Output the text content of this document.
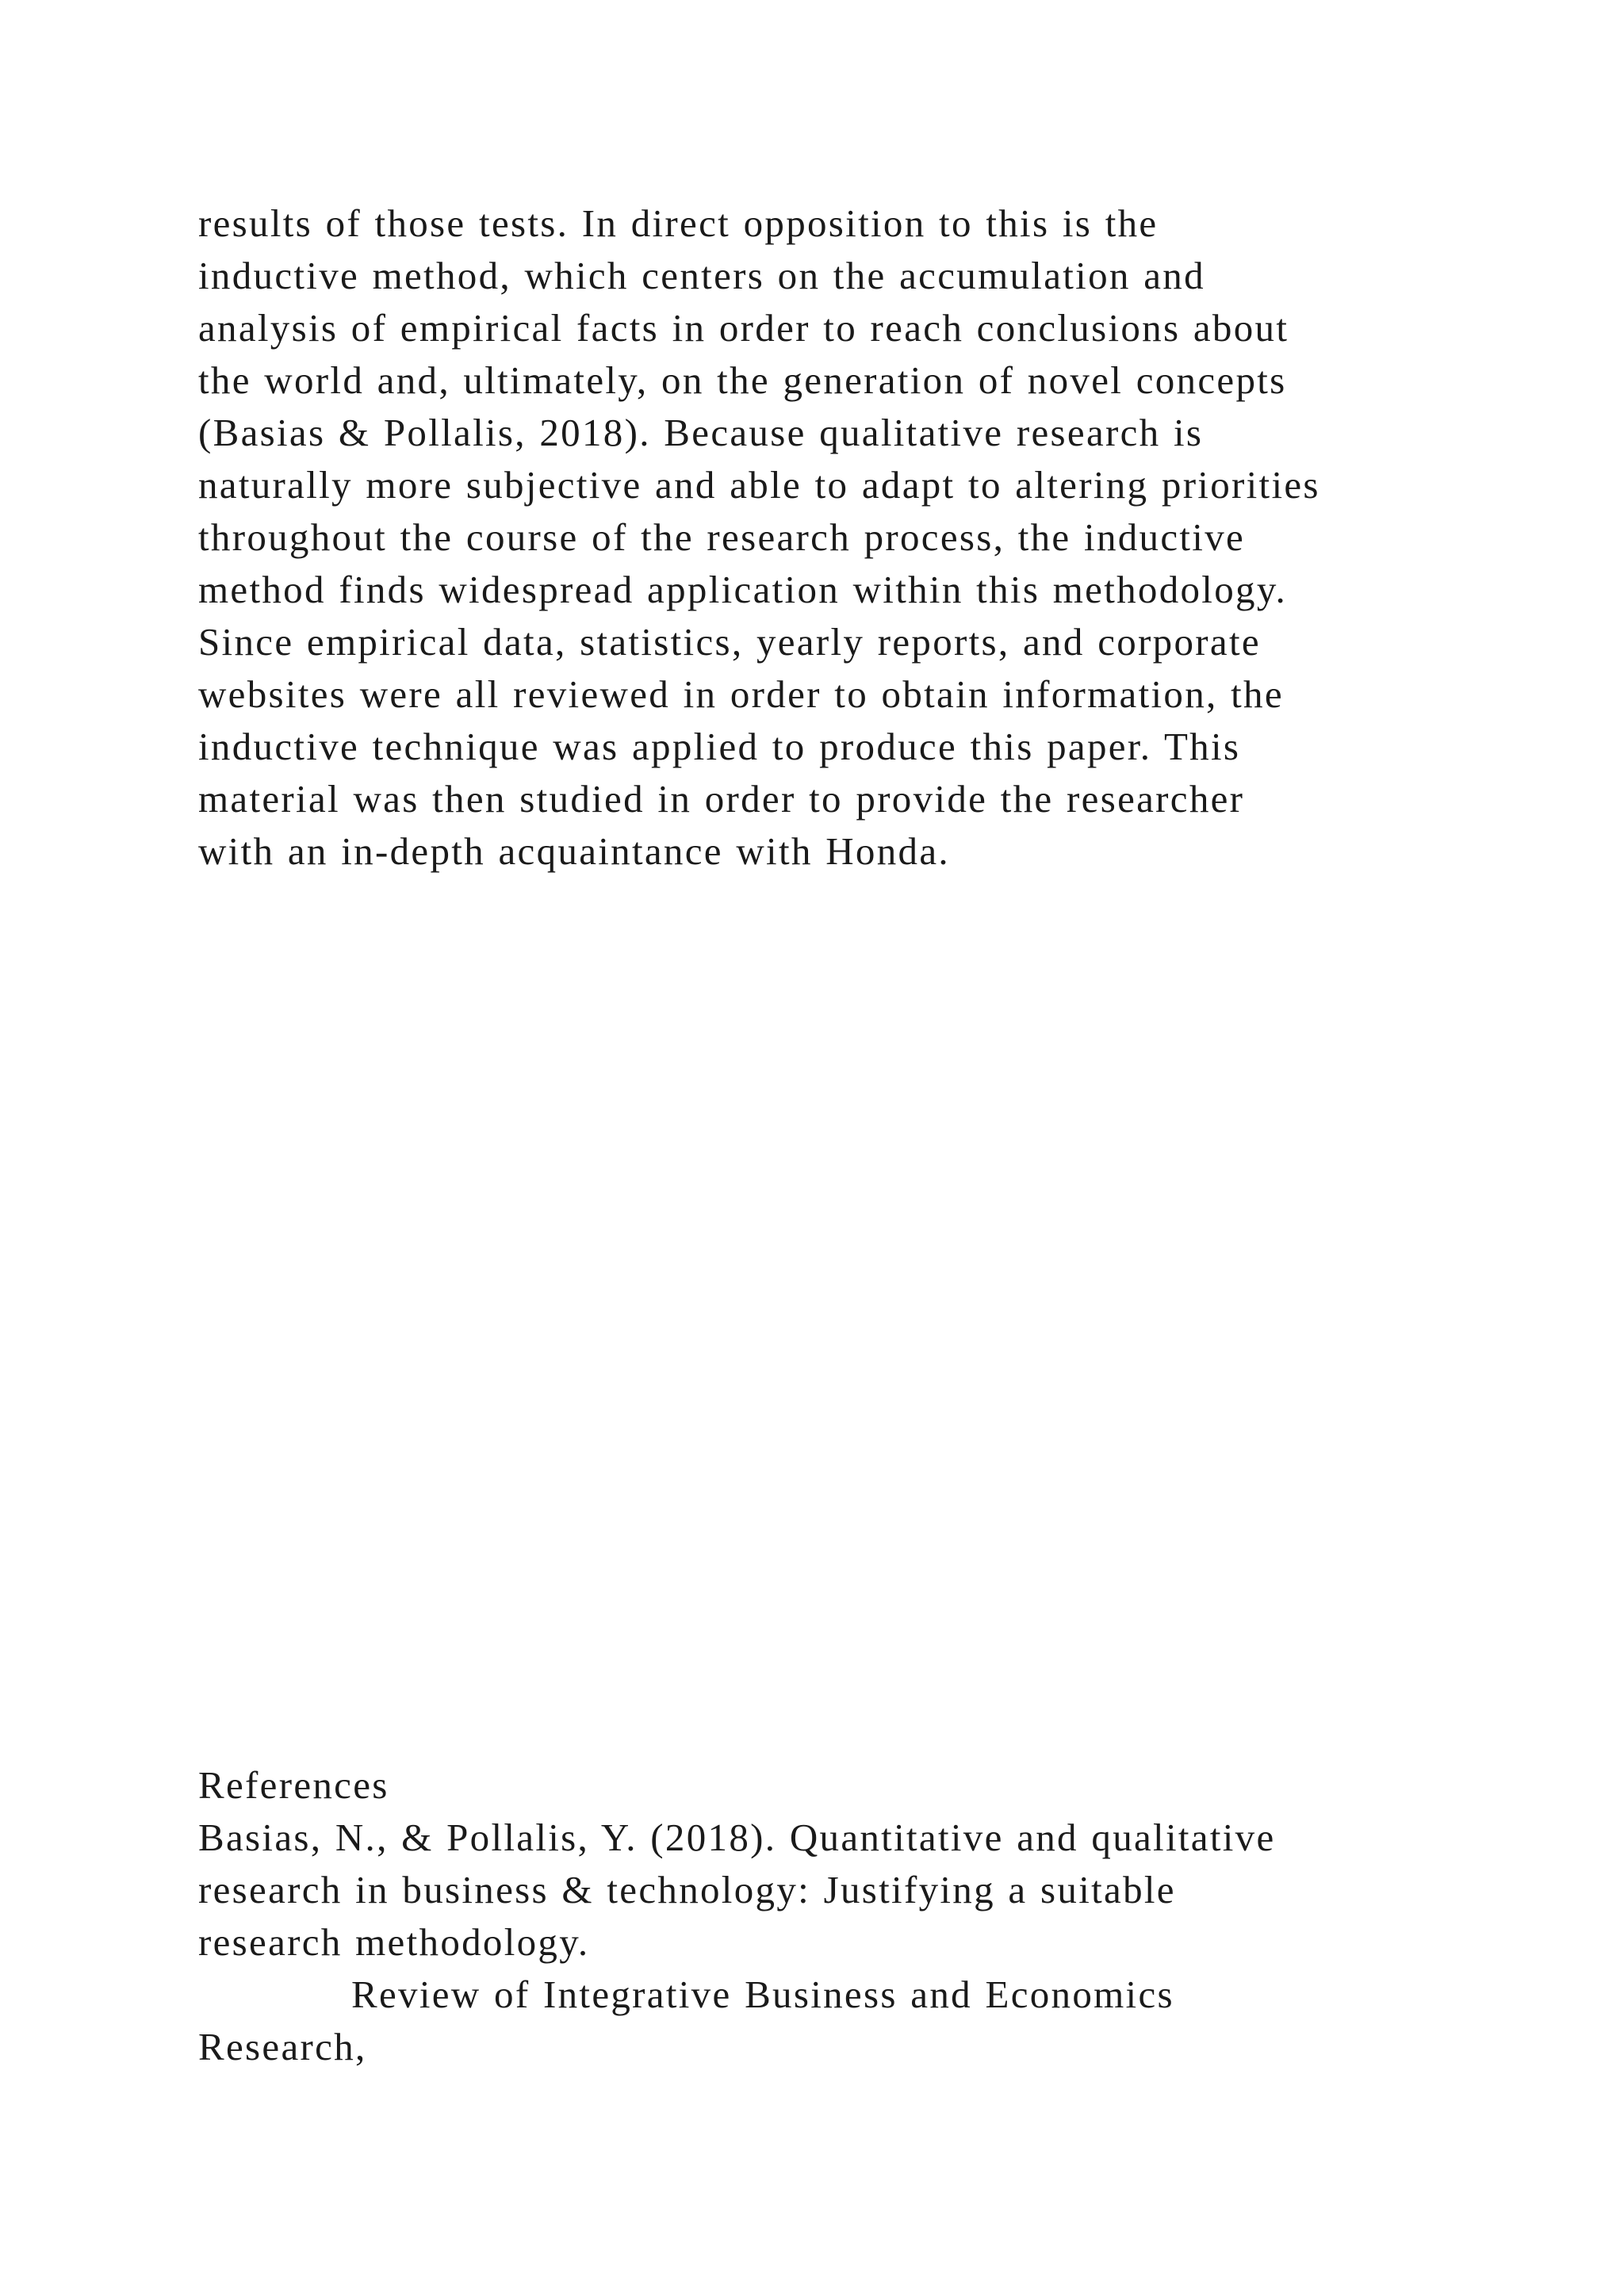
results of those tests. In direct opposition to this is the
inductive method, which centers on the accumulation and
analysis of empirical facts in order to reach conclusions about
the world and, ultimately, on the generation of novel concepts
(Basias & Pollalis, 2018). Because qualitative research is
naturally more subjective and able to adapt to altering priorities
throughout the course of the research process, the inductive
method finds widespread application within this methodology.
Since empirical data, statistics, yearly reports, and corporate
websites were all reviewed in order to obtain information, the
inductive technique was applied to produce this paper. This
material was then studied in order to provide the researcher
with an in-depth acquaintance with Honda.
References
Basias, N., & Pollalis, Y. (2018). Quantitative and qualitative
research in business & technology: Justifying a suitable
research methodology.
Review of Integrative Business and Economics
Research,
